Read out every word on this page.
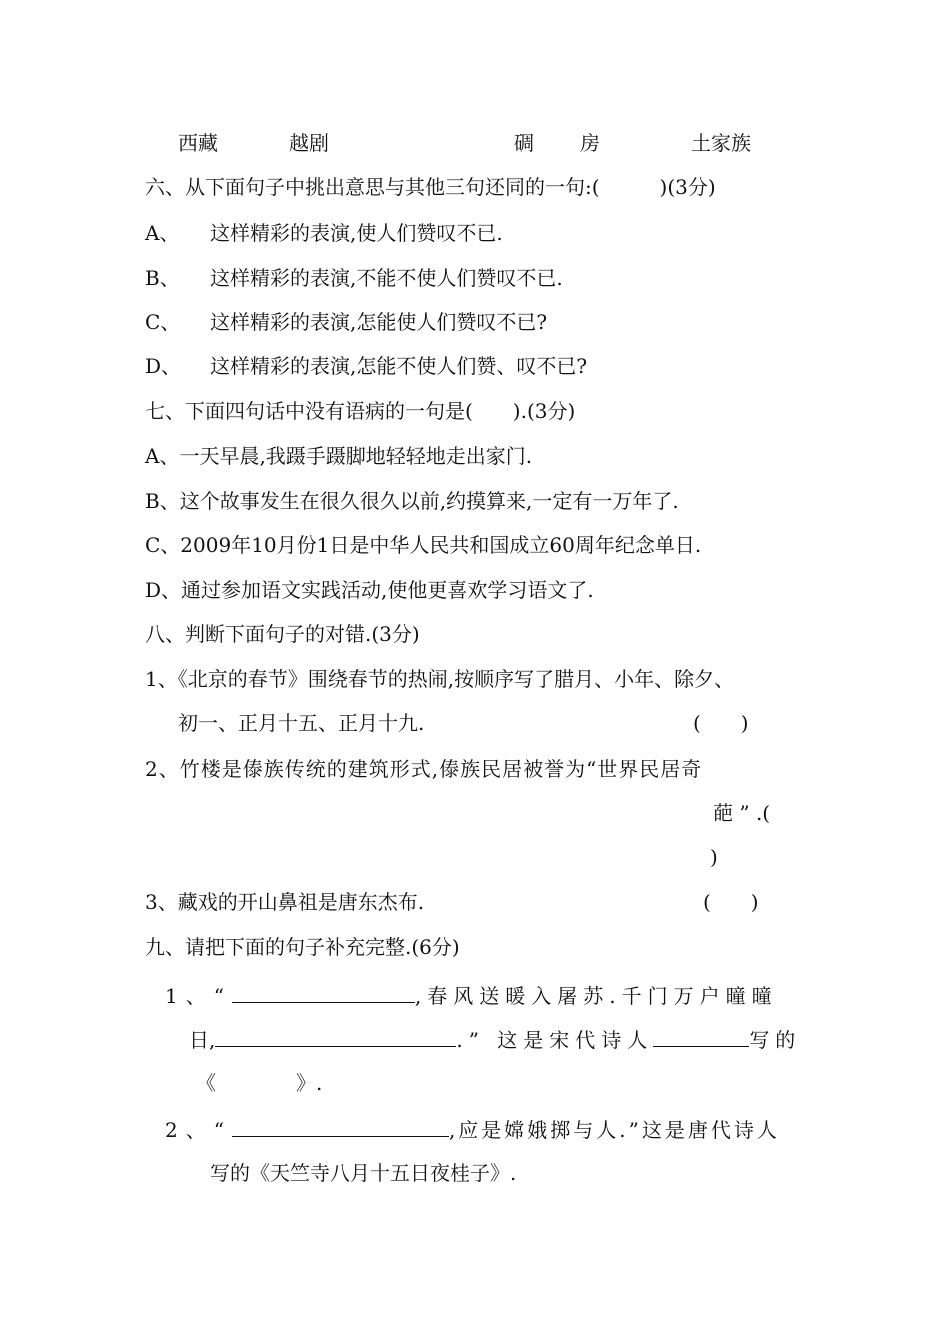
西藏	越剧	碉 房	土家族
六、从下面句子中挑出意思与其他三句还同的一句:(　　　)(3分)
A、 这样精彩的表演,使人们赞叹不已.
B、 这样精彩的表演,不能不使人们赞叹不已.
C、 这样精彩的表演,怎能使人们赞叹不已?
D、 这样精彩的表演,怎能不使人们赞、叹不已?
七、下面四句话中没有语病的一句是(　　).(3分)
A、一天早晨,我蹑手蹑脚地轻轻地走出家门.
B、这个故事发生在很久很久以前,约摸算来,一定有一万年了.
C、2009年10月份1日是中华人民共和国成立60周年纪念单日.
D、通过参加语文实践活动,使他更喜欢学习语文了.
八、判断下面句子的对错.(3分)
1、《北京的春节》围绕春节的热闹,按顺序写了腊月、小年、除夕、
初一、正月十五、正月十九.	(　　)
2、竹楼是傣族传统的建筑形式,傣族民居被誉为“世界民居奇
葩 ” .(
)
3、藏戏的开山鼻祖是唐东杰布.	(　　)
九、请把下面的句子补充完整.(6分)
1、“	,春风送暖入屠苏.千门万户曈曈
日,	.” 这是宋代诗人	写的
《　　　　》.
2、“	,应是嫦娥掷与人.”这是唐代诗人
写的《天竺寺八月十五日夜桂子》.
